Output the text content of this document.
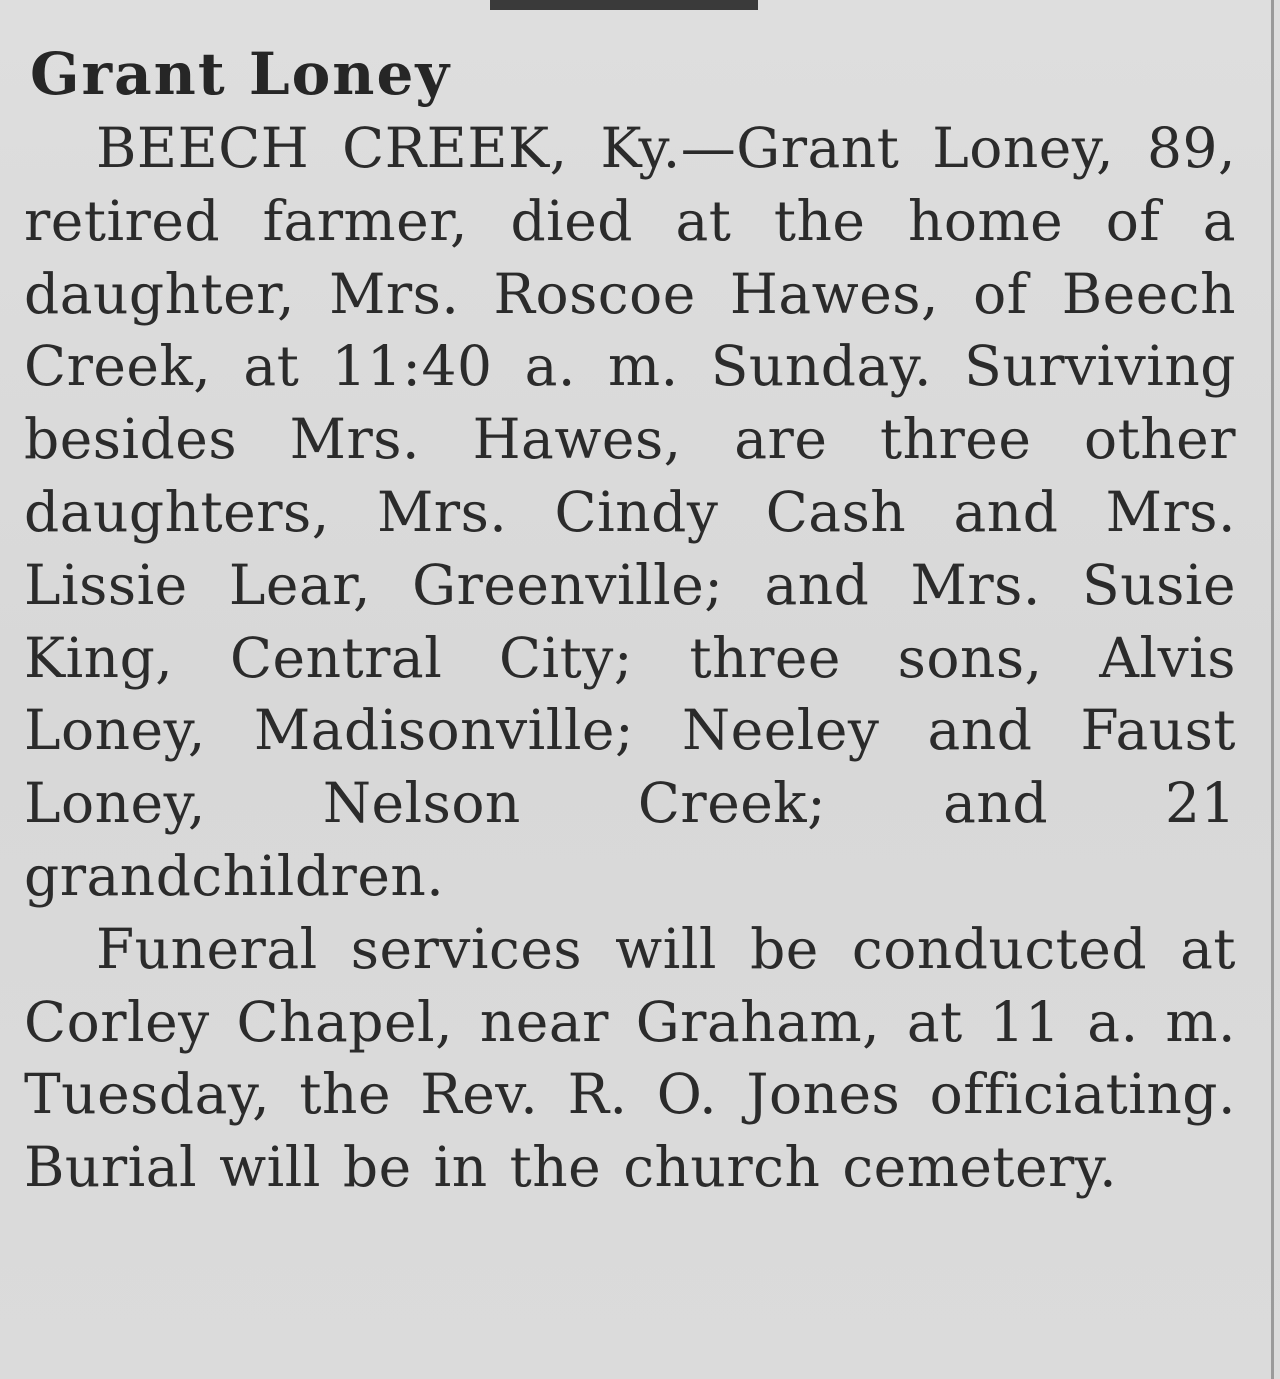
Grant Loney

BEECH CREEK, Ky.—Grant Loney, 89, retired farmer, died at the home of a daughter, Mrs. Roscoe Hawes, of Beech Creek, at 11:40 a. m. Sunday. Surviving besides Mrs. Hawes, are three other daughters, Mrs. Cindy Cash and Mrs. Lissie Lear, Greenville; and Mrs. Susie King, Central City; three sons, Alvis Loney, Madisonville; Neeley and Faust Loney, Nelson Creek; and 21 grandchildren.

Funeral services will be conducted at Corley Chapel, near Graham, at 11 a. m. Tuesday, the Rev. R. O. Jones officiating. Burial will be in the church cemetery.
